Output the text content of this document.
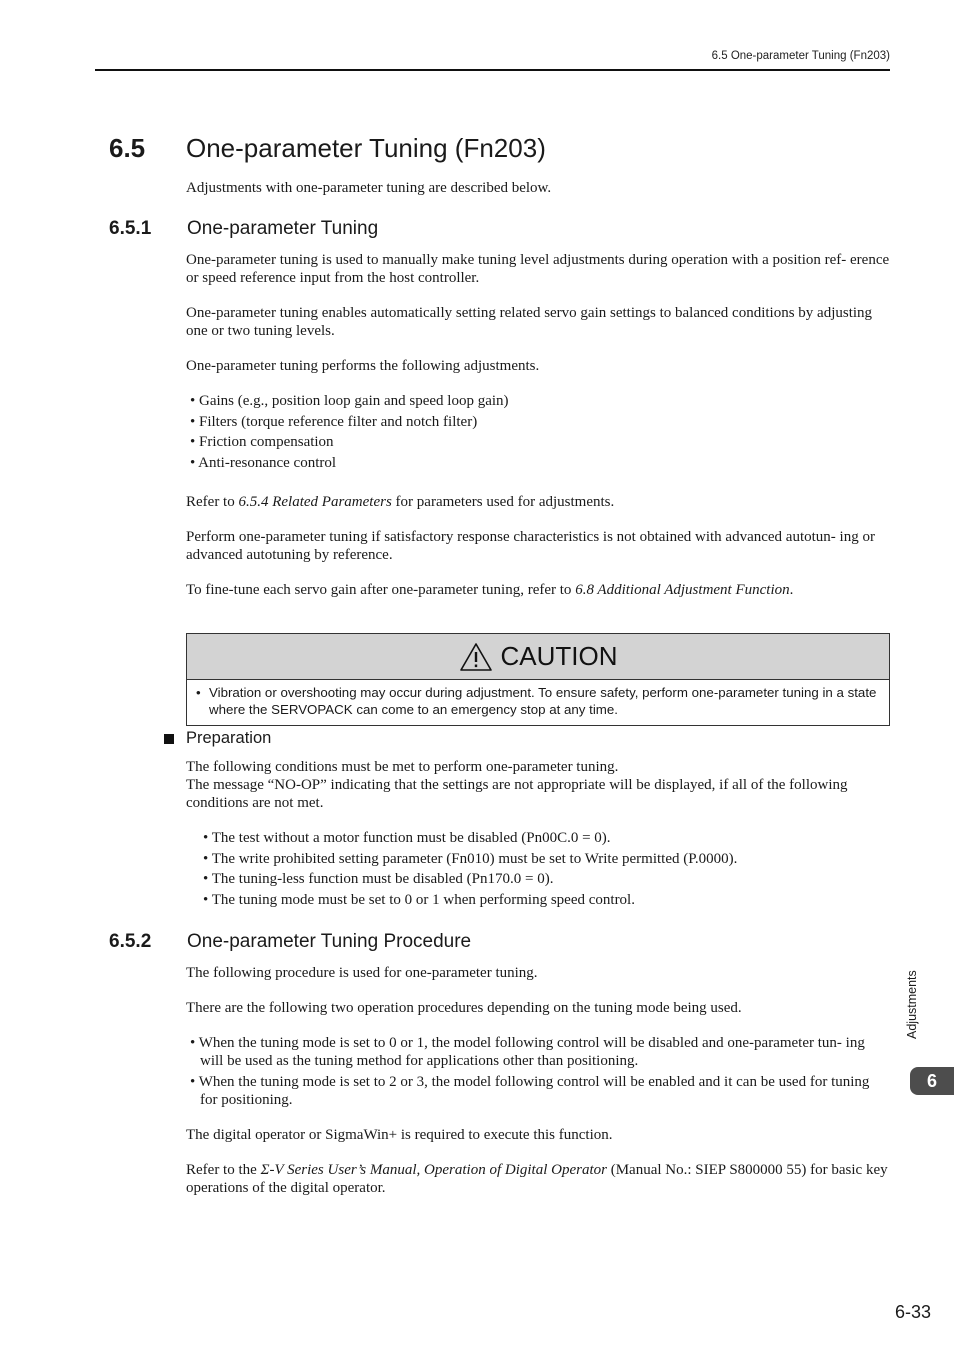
6.5 One-parameter Tuning (Fn203)
6.5 One-parameter Tuning (Fn203)
Adjustments with one-parameter tuning are described below.
6.5.1 One-parameter Tuning
One-parameter tuning is used to manually make tuning level adjustments during operation with a position ref- erence or speed reference input from the host controller.
One-parameter tuning enables automatically setting related servo gain settings to balanced conditions by adjusting one or two tuning levels.
One-parameter tuning performs the following adjustments.
• Gains (e.g., position loop gain and speed loop gain)
• Filters (torque reference filter and notch filter)
• Friction compensation
• Anti-resonance control
Refer to 6.5.4 Related Parameters for parameters used for adjustments.
Perform one-parameter tuning if satisfactory response characteristics is not obtained with advanced autotun- ing or advanced autotuning by reference.
To fine-tune each servo gain after one-parameter tuning, refer to 6.8 Additional Adjustment Function.
CAUTION
• Vibration or overshooting may occur during adjustment. To ensure safety, perform one-parameter tuning in a state where the SERVOPACK can come to an emergency stop at any time.
Preparation
The following conditions must be met to perform one-parameter tuning.
The message “NO-OP” indicating that the settings are not appropriate will be displayed, if all of the following conditions are not met.
• The test without a motor function must be disabled (Pn00C.0 = 0).
• The write prohibited setting parameter (Fn010) must be set to Write permitted (P.0000).
• The tuning-less function must be disabled (Pn170.0 = 0).
• The tuning mode must be set to 0 or 1 when performing speed control.
6.5.2 One-parameter Tuning Procedure
The following procedure is used for one-parameter tuning.
There are the following two operation procedures depending on the tuning mode being used.
• When the tuning mode is set to 0 or 1, the model following control will be disabled and one-parameter tun- ing will be used as the tuning method for applications other than positioning.
• When the tuning mode is set to 2 or 3, the model following control will be enabled and it can be used for tuning for positioning.
The digital operator or SigmaWin+ is required to execute this function.
Refer to the Σ-V Series User’s Manual, Operation of Digital Operator (Manual No.: SIEP S800000 55) for basic key operations of the digital operator.
Adjustments
6
6-33
